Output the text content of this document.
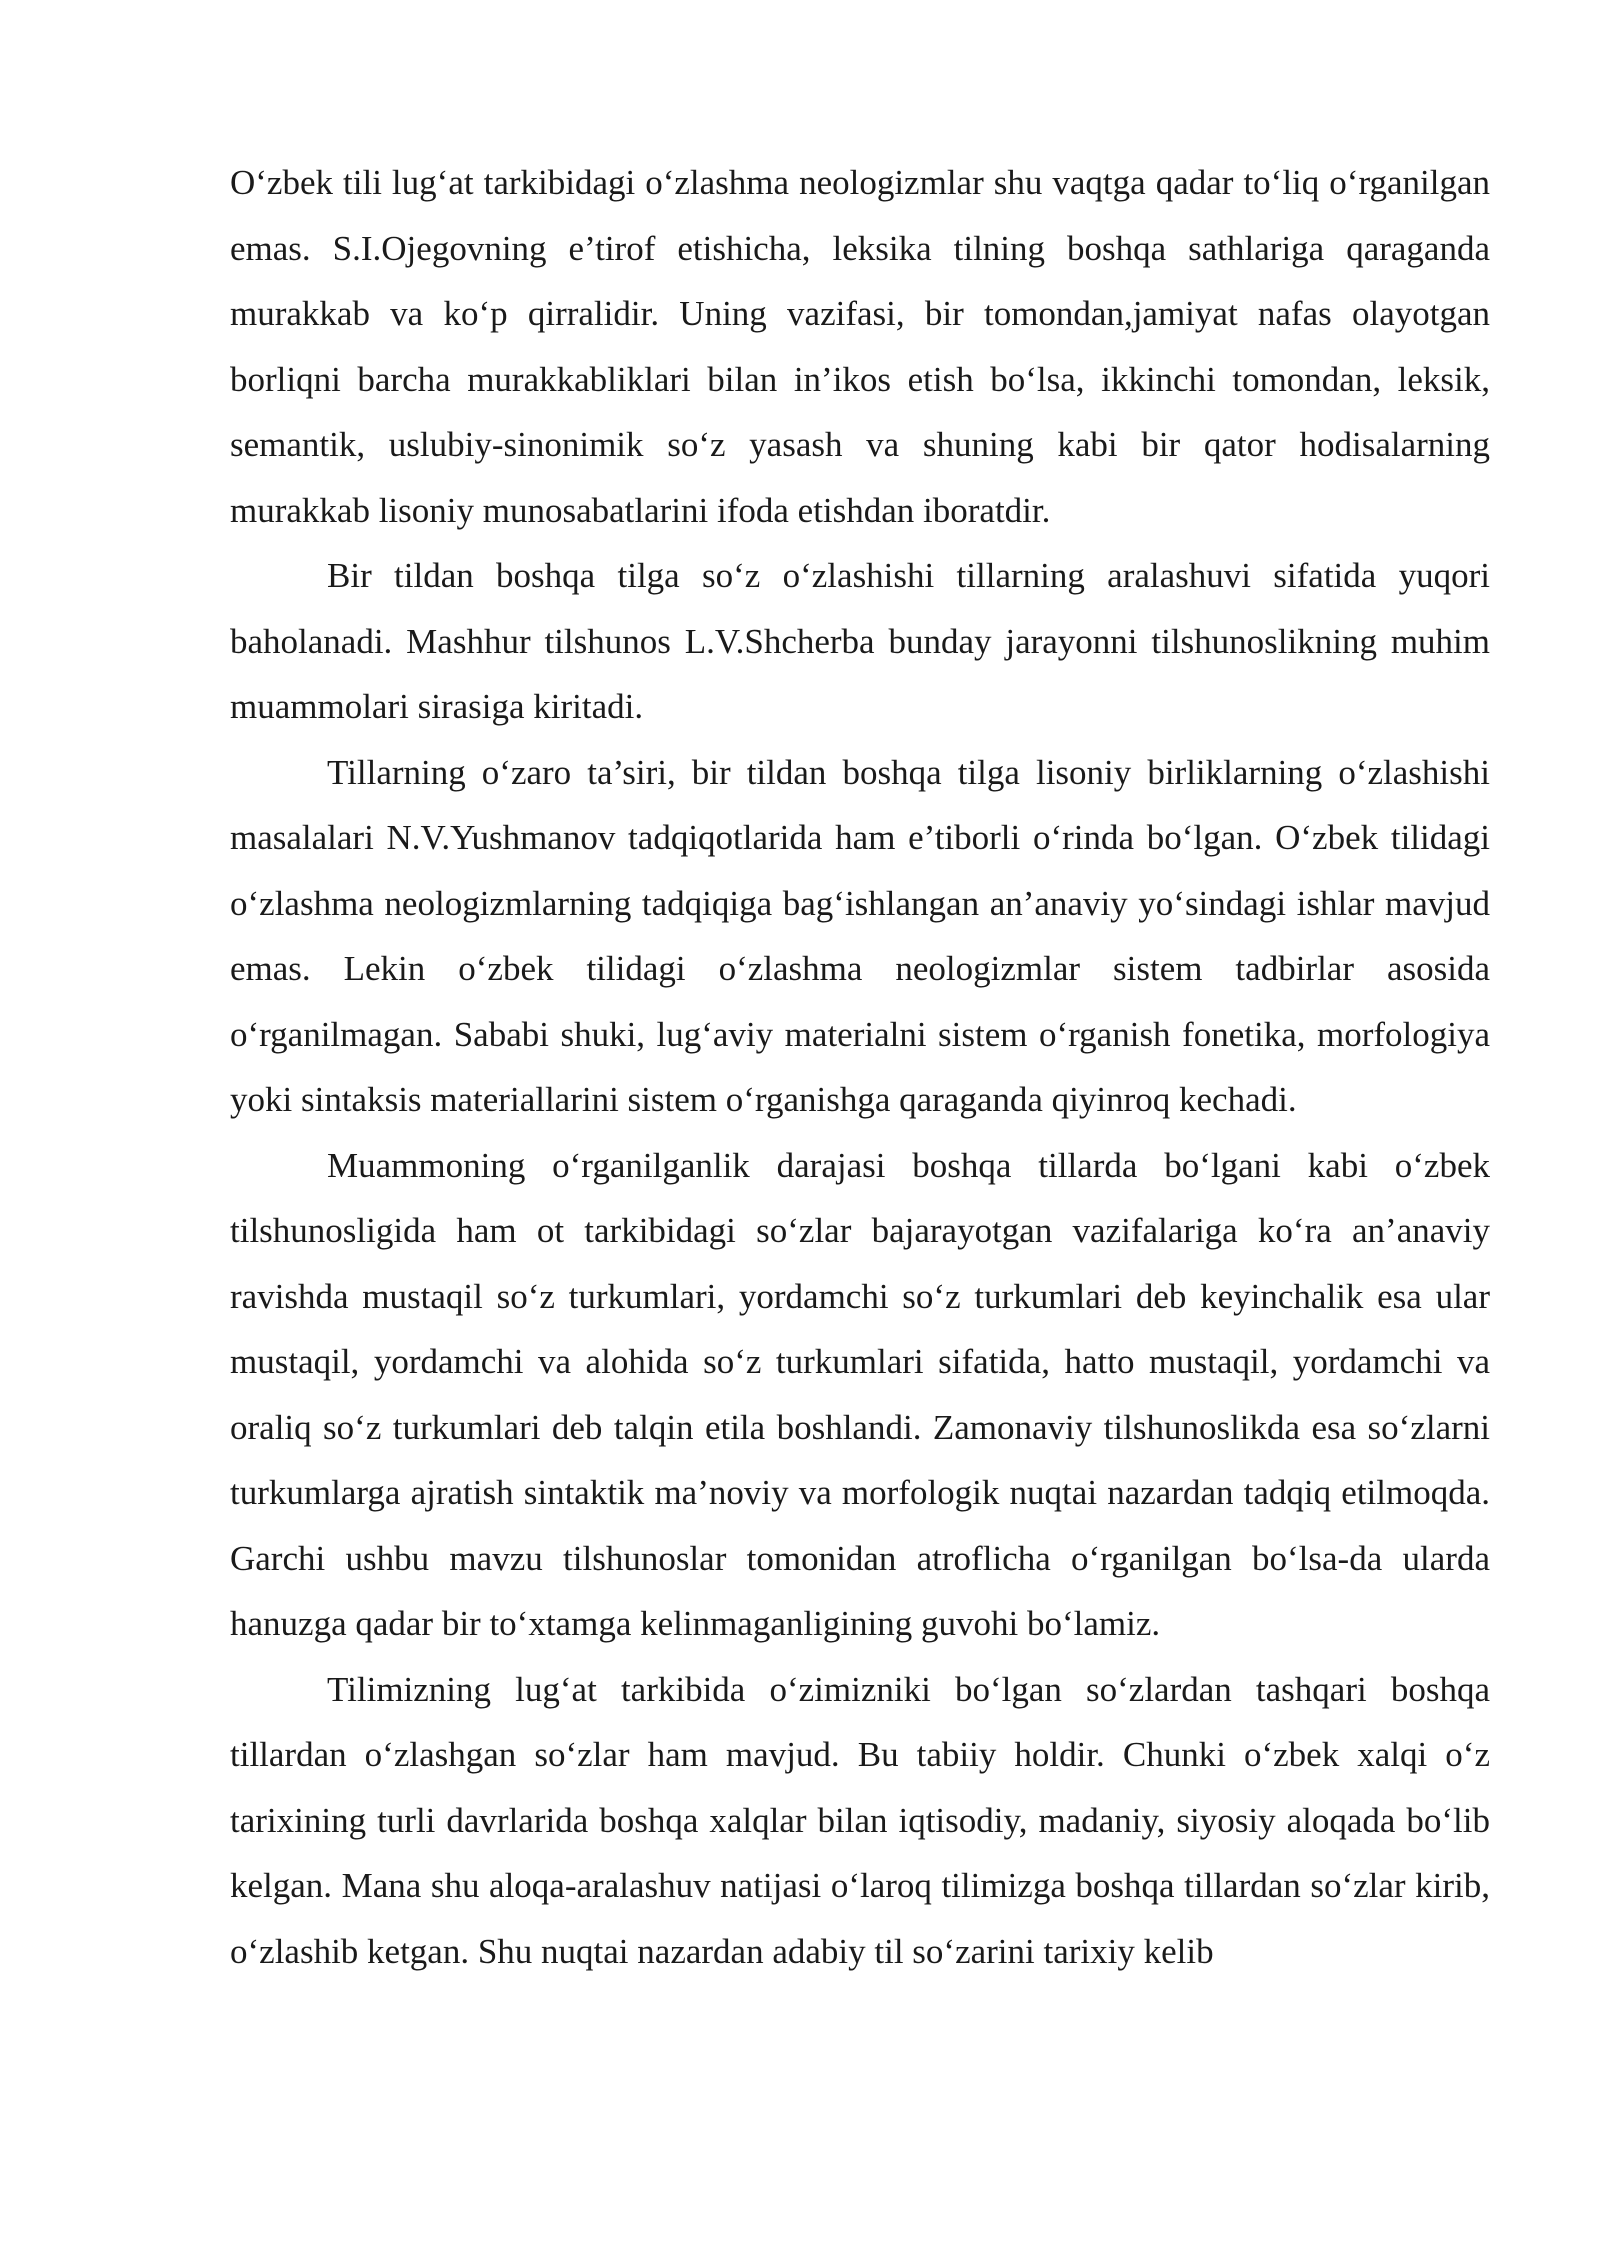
O‘zbek tili lug‘at tarkibidagi o‘zlashma neologizmlar shu vaqtga qadar to‘liq o‘rganilgan emas. S.I.Ojegovning e’tirof etishicha, leksika tilning boshqa sathlariga qaraganda murakkab va ko‘p qirralidir. Uning vazifasi, bir tomondan,jamiyat nafas olayotgan borliqni barcha murakkabliklari bilan in’ikos etish bo‘lsa, ikkinchi tomondan, leksik, semantik, uslubiy-sinonimik so‘z yasash va shuning kabi bir qator hodisalarning murakkab lisoniy munosabatlarini ifoda etishdan iboratdir.

Bir tildan boshqa tilga so‘z o‘zlashishi tillarning aralashuvi sifatida yuqori baholanadi. Mashhur tilshunos L.V.Shcherba bunday jarayonni tilshunoslikning muhim muammolari sirasiga kiritadi.

Tillarning o‘zaro ta’siri, bir tildan boshqa tilga lisoniy birliklarning o‘zlashishi masalalari N.V.Yushmanov tadqiqotlarida ham e’tiborli o‘rinda bo‘lgan. O‘zbek tilidagi o‘zlashma neologizmlarning tadqiqiga bag‘ishlangan an’anaviy yo‘sindagi ishlar mavjud emas. Lekin o‘zbek tilidagi o‘zlashma neologizmlar sistem tadbirlar asosida o‘rganilmagan. Sababi shuki, lug‘aviy materialni sistem o‘rganish fonetika, morfologiya yoki sintaksis materiallarini sistem o‘rganishga qaraganda qiyinroq kechadi.

Muammoning o‘rganilganlik darajasi boshqa tillarda bo‘lgani kabi o‘zbek tilshunosligida ham ot tarkibidagi so‘zlar bajarayotgan vazifalariga ko‘ra an’anaviy ravishda mustaqil so‘z turkumlari, yordamchi so‘z turkumlari deb keyinchalik esa ular mustaqil, yordamchi va alohida so‘z turkumlari sifatida, hatto mustaqil, yordamchi va oraliq so‘z turkumlari deb talqin etila boshlandi. Zamonaviy tilshunoslikda esa so‘zlarni turkumlarga ajratish sintaktik ma’noviy va morfologik nuqtai nazardan tadqiq etilmoqda. Garchi ushbu mavzu tilshunoslar tomonidan atroflicha o‘rganilgan bo‘lsa-da ularda hanuzga qadar bir to‘xtamga kelinmaganligining guvohi bo‘lamiz.

Tilimizning lug‘at tarkibida o‘zimizniki bo‘lgan so‘zlardan tashqari boshqa tillardan o‘zlashgan so‘zlar ham mavjud. Bu tabiiy holdir. Chunki o‘zbek xalqi o‘z tarixining turli davrlarida boshqa xalqlar bilan iqtisodiy, madaniy, siyosiy aloqada bo‘lib kelgan. Mana shu aloqa-aralashuv natijasi o‘laroq tilimizga boshqa tillardan so‘zlar kirib, o‘zlashib ketgan. Shu nuqtai nazardan adabiy til so‘zarini tarixiy kelib
